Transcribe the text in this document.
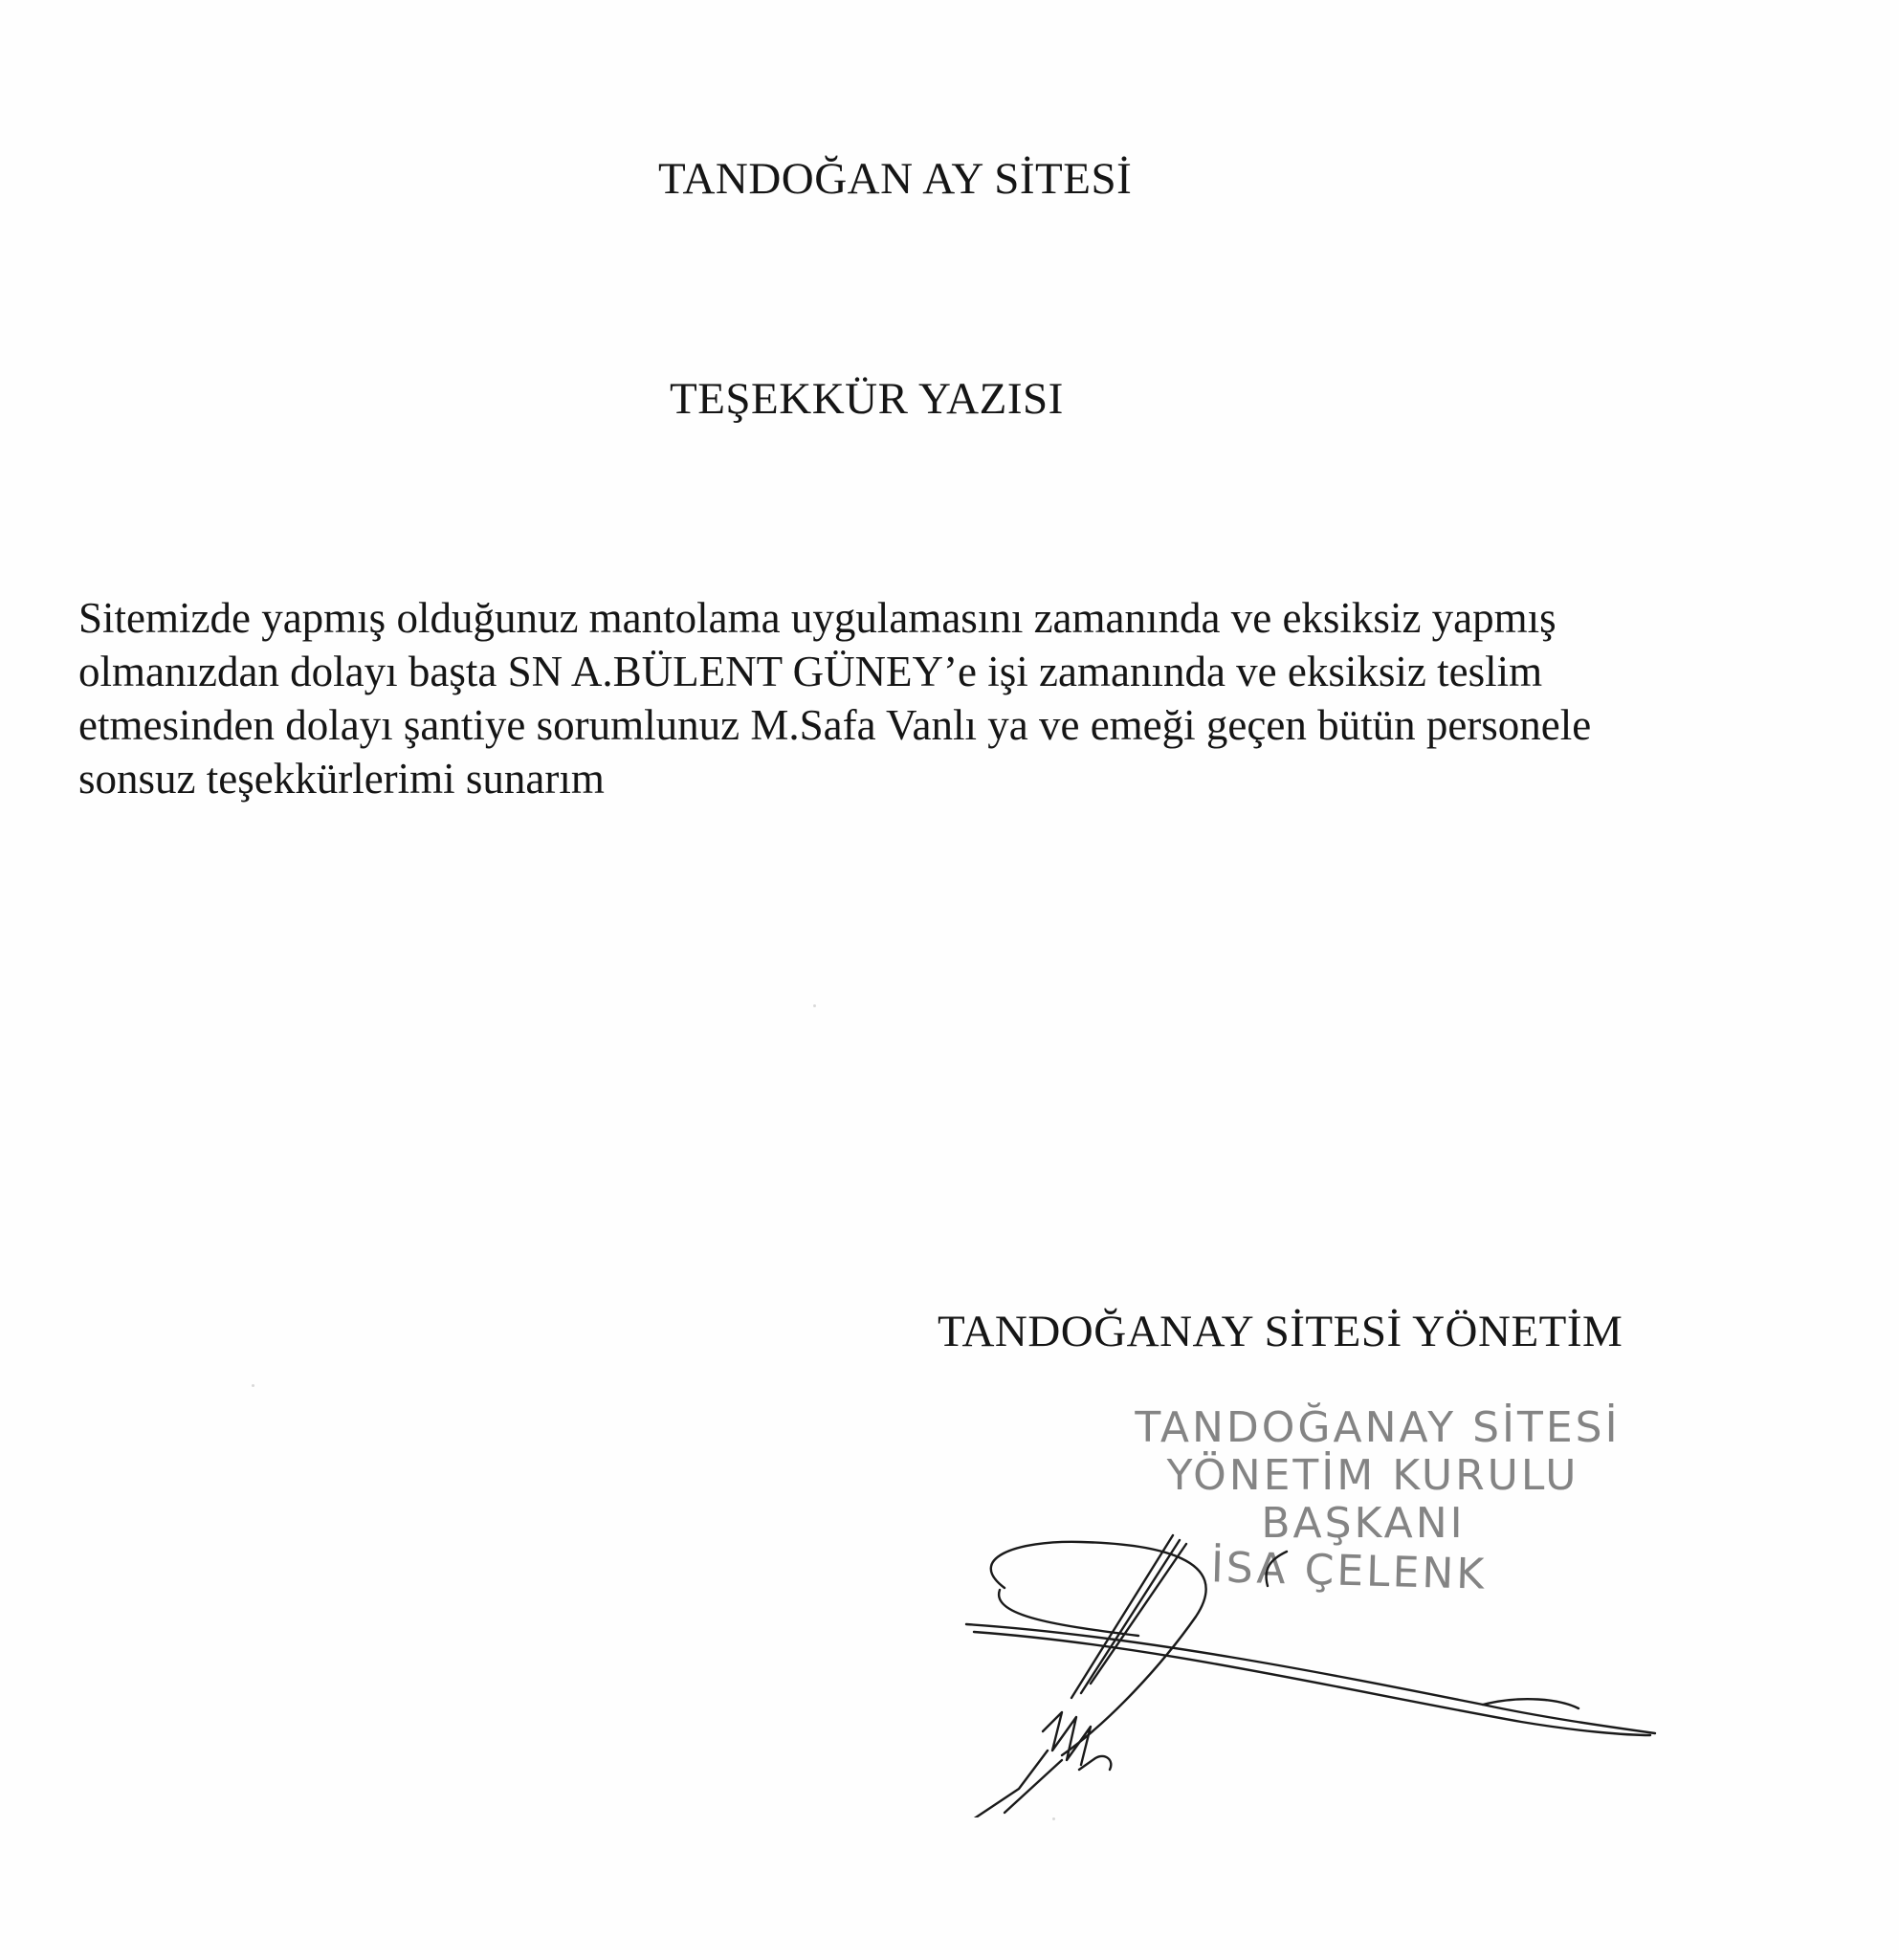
TANDOĞAN AY SİTESİ
TEŞEKKÜR YAZISI

Sitemizde yapmış olduğunuz mantolama uygulamasını zamanında ve eksiksiz yapmış

olmanızdan dolayı başta SN A.BÜLENT GÜNEY’e işi zamanında ve eksiksiz teslim

etmesinden dolayı şantiye sorumlunuz M.Safa Vanlı ya ve emeği geçen bütün personele

sonsuz teşekkürlerimi sunarım

TANDOĞANAY SİTESİ YÖNETİM
TANDOĞANAY SİTESİ
YÖNETİM KURULU
BAŞKANI
İSA ÇELENK
